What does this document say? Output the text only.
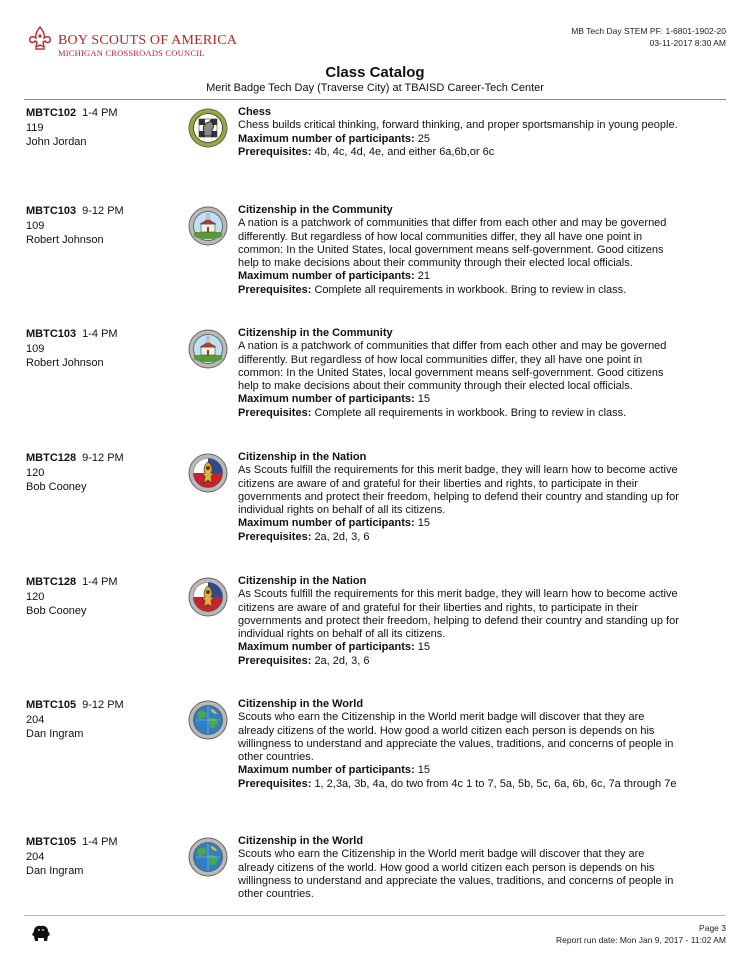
BOY SCOUTS OF AMERICA
MICHIGAN CROSSROADS COUNCIL
MB Tech Day STEM PF: 1-6801-1902-20
03-11-2017 8:30 AM
Class Catalog
Merit Badge Tech Day (Traverse City) at TBAISD Career-Tech Center
MBTC102 1-4 PM
119
John Jordan
Chess
Chess builds critical thinking, forward thinking, and proper sportsmanship in young people.
Maximum number of participants: 25
Prerequisites: 4b, 4c, 4d, 4e, and either 6a,6b,or 6c
MBTC103 9-12 PM
109
Robert Johnson
Citizenship in the Community
A nation is a patchwork of communities that differ from each other and may be governed differently. But regardless of how local communities differ, they all have one point in common: In the United States, local government means self-government. Good citizens help to make decisions about their community through their elected local officials.
Maximum number of participants: 21
Prerequisites: Complete all requirements in workbook. Bring to review in class.
MBTC103 1-4 PM
109
Robert Johnson
Citizenship in the Community
A nation is a patchwork of communities that differ from each other and may be governed differently. But regardless of how local communities differ, they all have one point in common: In the United States, local government means self-government. Good citizens help to make decisions about their community through their elected local officials.
Maximum number of participants: 15
Prerequisites: Complete all requirements in workbook. Bring to review in class.
MBTC128 9-12 PM
120
Bob Cooney
Citizenship in the Nation
As Scouts fulfill the requirements for this merit badge, they will learn how to become active citizens are aware of and grateful for their liberties and rights, to participate in their governments and protect their freedom, helping to defend their country and standing up for individual rights on behalf of all its citizens.
Maximum number of participants: 15
Prerequisites: 2a, 2d, 3, 6
MBTC128 1-4 PM
120
Bob Cooney
Citizenship in the Nation
As Scouts fulfill the requirements for this merit badge, they will learn how to become active citizens are aware of and grateful for their liberties and rights, to participate in their governments and protect their freedom, helping to defend their country and standing up for individual rights on behalf of all its citizens.
Maximum number of participants: 15
Prerequisites: 2a, 2d, 3, 6
MBTC105 9-12 PM
204
Dan Ingram
Citizenship in the World
Scouts who earn the Citizenship in the World merit badge will discover that they are already citizens of the world. How good a world citizen each person is depends on his willingness to understand and appreciate the values, traditions, and concerns of people in other countries.
Maximum number of participants: 15
Prerequisites: 1, 2,3a, 3b, 4a, do two from 4c 1 to 7, 5a, 5b, 5c, 6a, 6b, 6c, 7a through 7e
MBTC105 1-4 PM
204
Dan Ingram
Citizenship in the World
Scouts who earn the Citizenship in the World merit badge will discover that they are already citizens of the world. How good a world citizen each person is depends on his willingness to understand and appreciate the values, traditions, and concerns of people in other countries.
Page 3
Report run date: Mon Jan 9, 2017 - 11:02 AM
